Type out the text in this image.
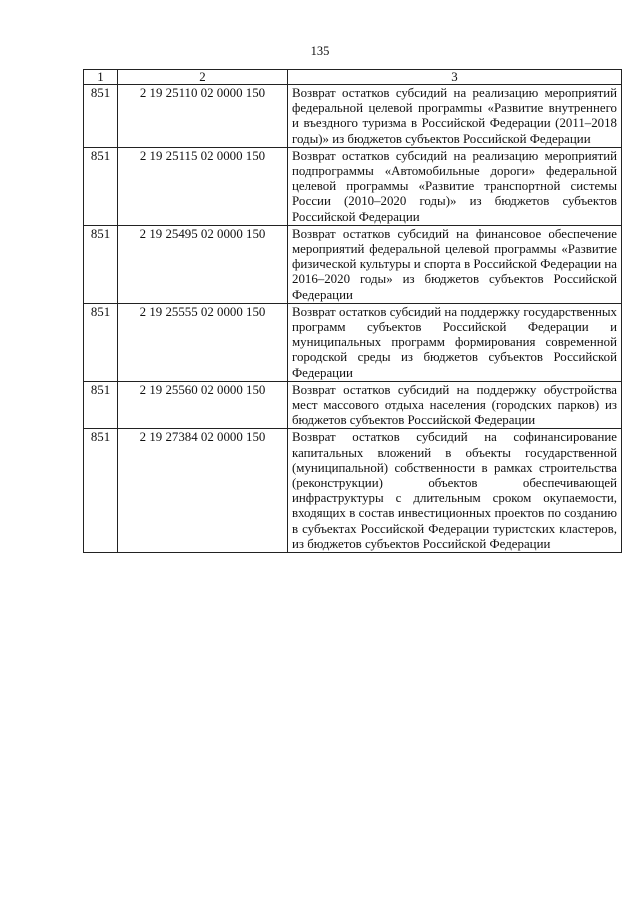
135
1	2	3
851	2 19 25110 02 0000 150	Возврат остатков субсидий на реализацию мероприятий федеральной целевой програмmы «Развитие внутреннего и въездного туризма в Российской Федерации (2011–2018 годы)» из бюджетов субъектов Российской Федерации
851	2 19 25115 02 0000 150	Возврат остатков субсидий на реализацию мероприятий подпрограммы «Автомобильные дороги» федеральной целевой программы «Развитие транспортной системы России (2010–2020 годы)» из бюджетов субъектов Российской Федерации
851	2 19 25495 02 0000 150	Возврат остатков субсидий на финансовое обеспечение мероприятий федеральной целевой программы «Развитие физической культуры и спорта в Российской Федерации на 2016–2020 годы» из бюджетов субъектов Российской Федерации
851	2 19 25555 02 0000 150	Возврат остатков субсидий на поддержку государственных программ субъектов Российской Федерации и муниципальных программ формирования современной городской среды из бюджетов субъектов Российской Федерации
851	2 19 25560 02 0000 150	Возврат остатков субсидий на поддержку обустройства мест массового отдыха населения (городских парков) из бюджетов субъектов Российской Федерации
851	2 19 27384 02 0000 150	Возврат остатков субсидий на софинансирование капитальных вложений в объекты государственной (муниципальной) собственности в рамках строительства (реконструкции) объектов обеспечивающей инфраструктуры с длительным сроком окупаемости, входящих в состав инвестиционных проектов по созданию в субъектах Российской Федерации туристских кластеров, из бюджетов субъектов Российской Федерации
